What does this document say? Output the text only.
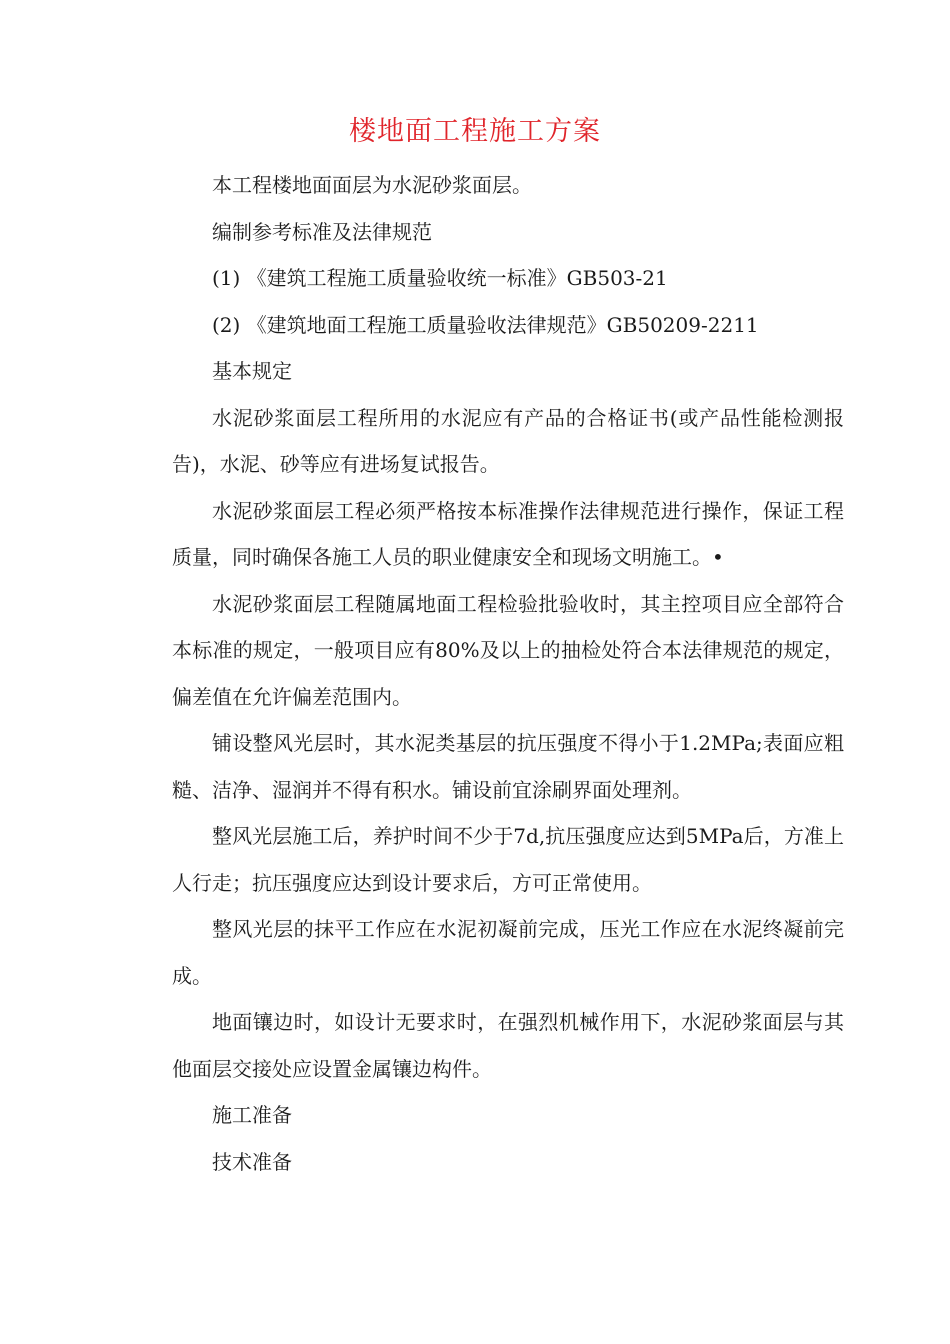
楼地面工程施工方案

本工程楼地面面层为水泥砂浆面层。

编制参考标准及法律规范

(1) 《建筑工程施工质量验收统一标准》GB503-21

(2) 《建筑地面工程施工质量验收法律规范》GB50209-2211

基本规定

水泥砂浆面层工程所用的水泥应有产品的合格证书(或产品性能检测报告)，水泥、砂等应有进场复试报告。

水泥砂浆面层工程必须严格按本标准操作法律规范进行操作，保证工程质量，同时确保各施工人员的职业健康安全和现场文明施工。•

水泥砂浆面层工程随属地面工程检验批验收时，其主控项目应全部符合本标准的规定，一般项目应有80%及以上的抽检处符合本法律规范的规定，偏差值在允许偏差范围内。

铺设整风光层时，其水泥类基层的抗压强度不得小于1.2MPa;表面应粗糙、洁净、湿润并不得有积水。铺设前宜涂刷界面处理剂。

整风光层施工后，养护时间不少于7d,抗压强度应达到5MPa后，方准上人行走；抗压强度应达到设计要求后，方可正常使用。

整风光层的抹平工作应在水泥初凝前完成，压光工作应在水泥终凝前完成。

地面镶边时，如设计无要求时，在强烈机械作用下，水泥砂浆面层与其他面层交接处应设置金属镶边构件。

施工准备

技术准备
